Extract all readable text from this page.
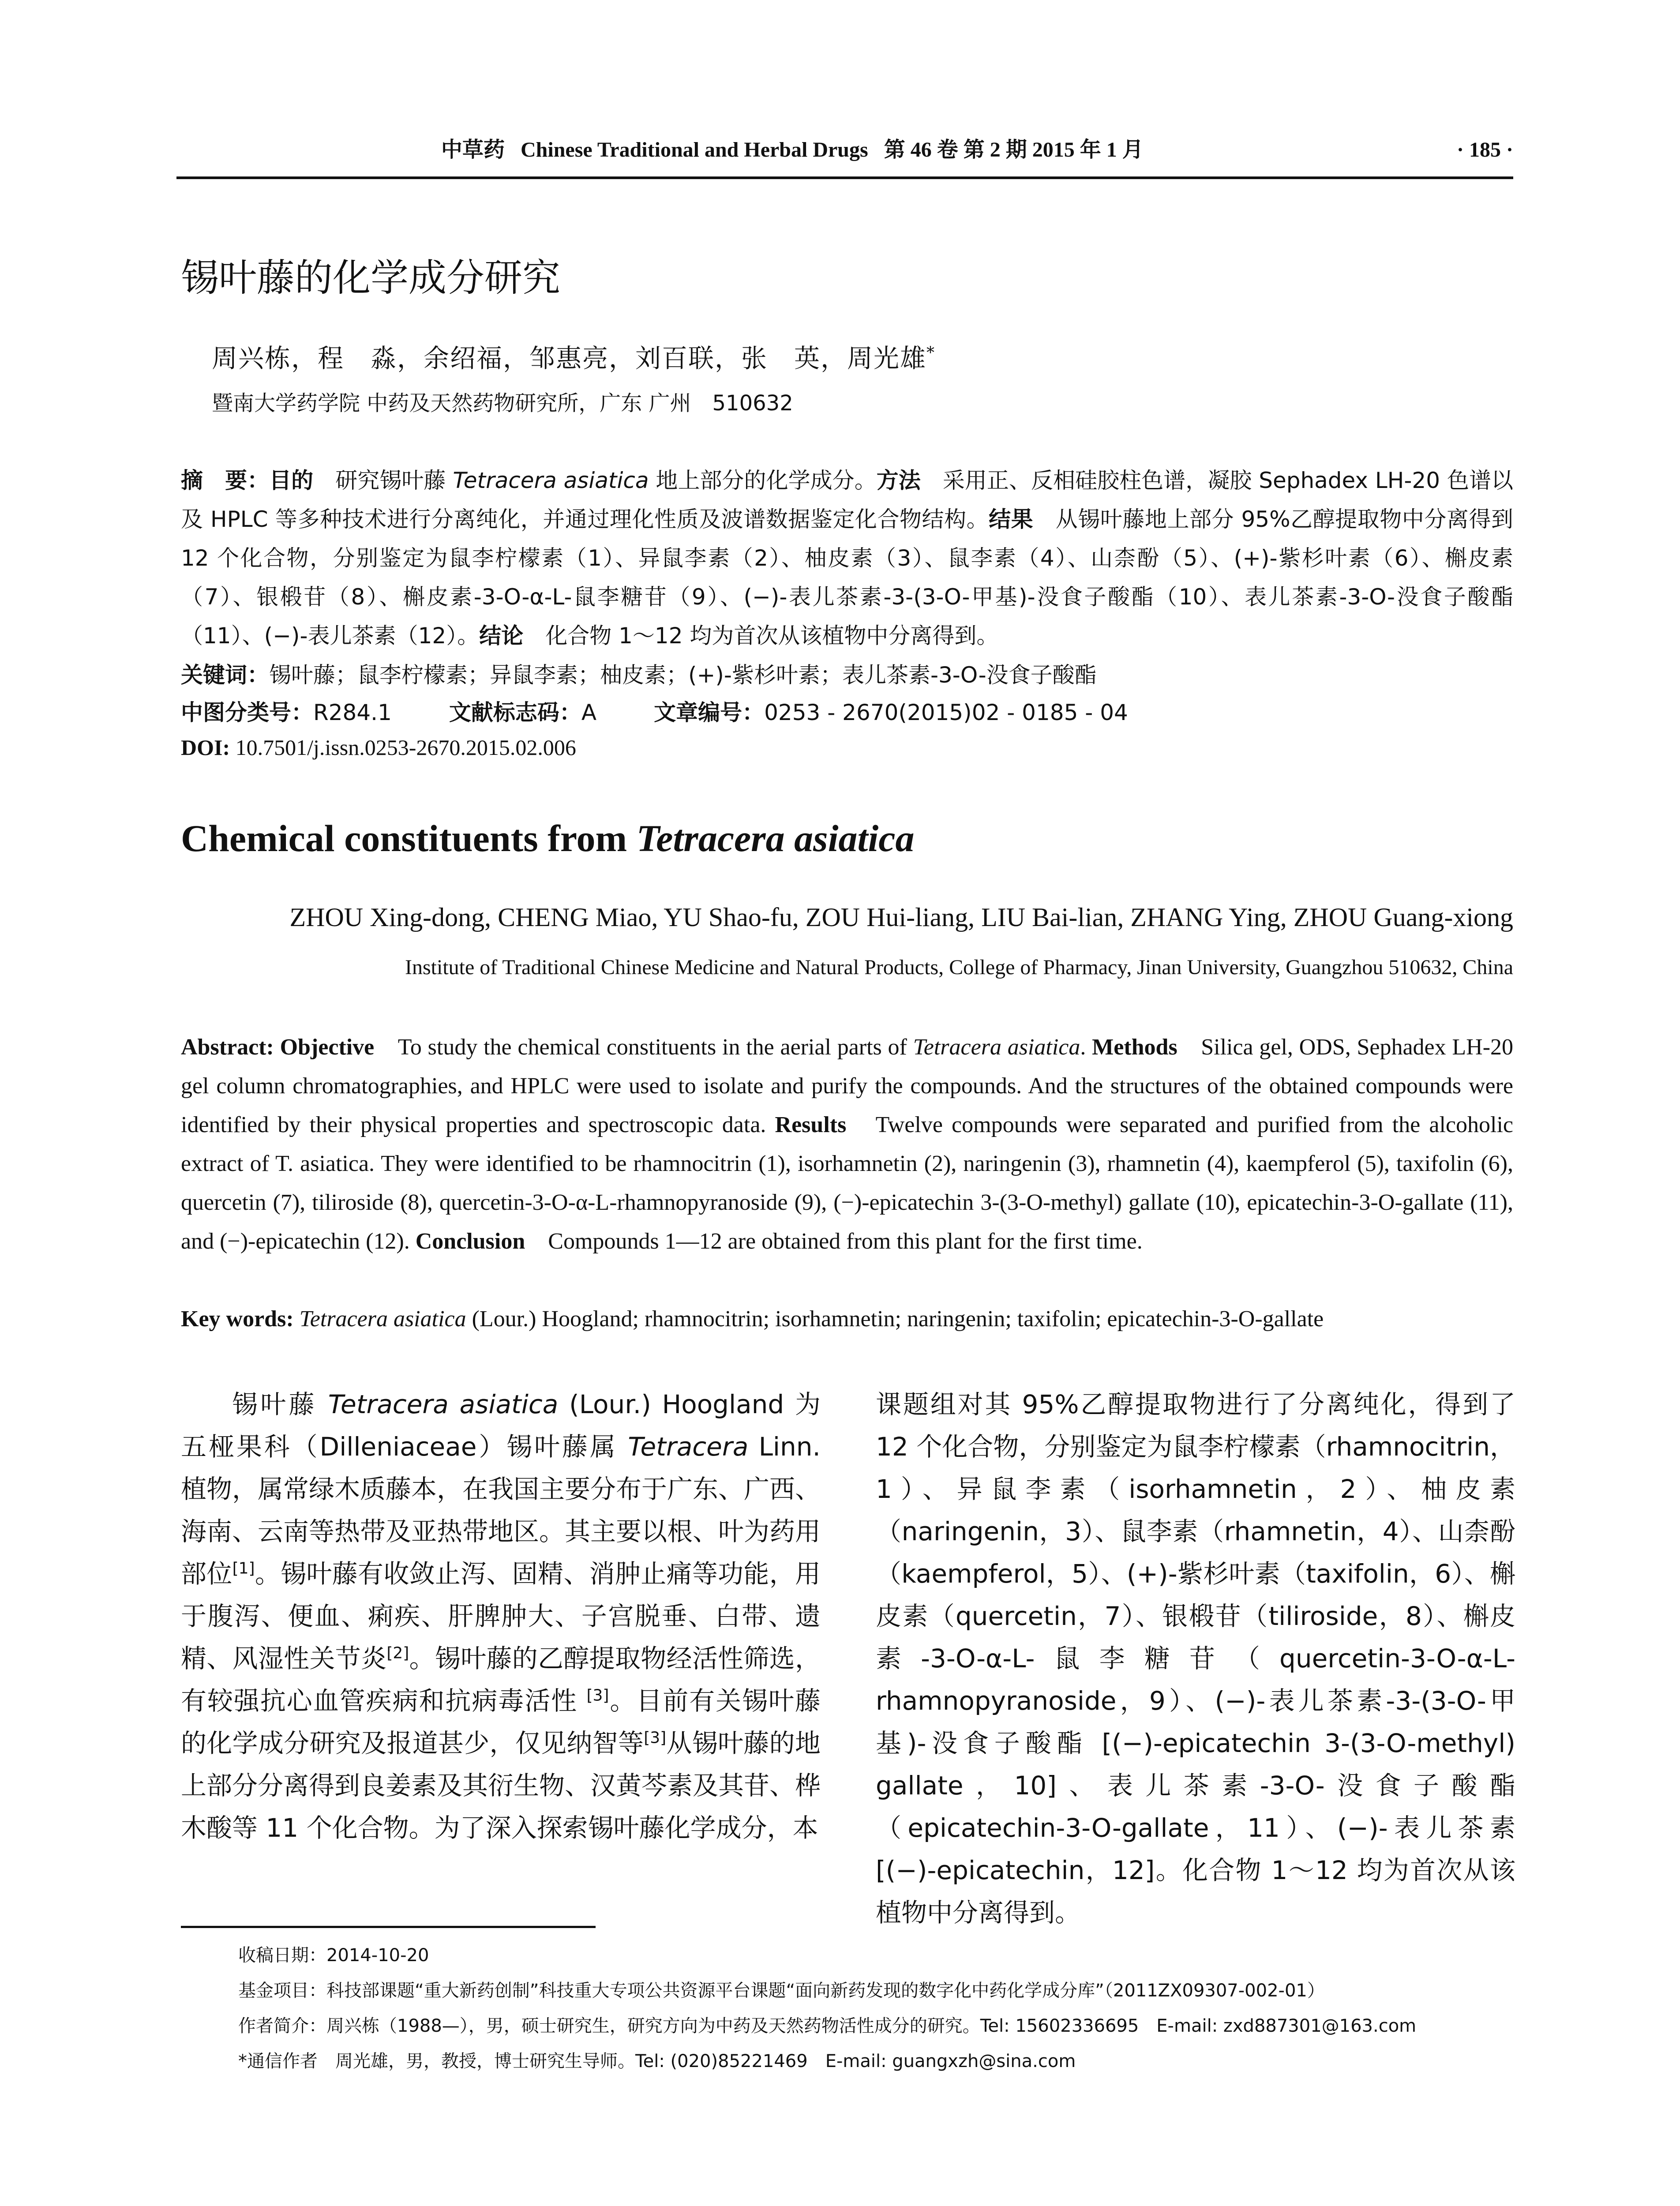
中草药 Chinese Traditional and Herbal Drugs 第 46 卷 第 2 期 2015 年 1 月	· 185 ·
锡叶藤的化学成分研究
周兴栋，程　淼，余绍福，邹惠亮，刘百联，张　英，周光雄*
暨南大学药学院 中药及天然药物研究所，广东 广州　510632
摘　要：目的　研究锡叶藤 Tetracera asiatica 地上部分的化学成分。方法　采用正、反相硅胶柱色谱，凝胶 Sephadex LH-20 色谱以及 HPLC 等多种技术进行分离纯化，并通过理化性质及波谱数据鉴定化合物结构。结果　从锡叶藤地上部分 95%乙醇提取物中分离得到 12 个化合物，分别鉴定为鼠李柠檬素（1）、异鼠李素（2）、柚皮素（3）、鼠李素（4）、山柰酚（5）、(+)-紫杉叶素（6）、槲皮素（7）、银椴苷（8）、槲皮素-3-O-α-L-鼠李糖苷（9）、(−)-表儿茶素-3-(3-O-甲基)-没食子酸酯（10）、表儿茶素-3-O-没食子酸酯（11）、(−)-表儿茶素（12）。结论　化合物 1～12 均为首次从该植物中分离得到。
关键词：锡叶藤；鼠李柠檬素；异鼠李素；柚皮素；(+)-紫杉叶素；表儿茶素-3-O-没食子酸酯
中图分类号：R284.1	文献标志码：A	文章编号：0253 - 2670(2015)02 - 0185 - 04
DOI: 10.7501/j.issn.0253-2670.2015.02.006
Chemical constituents from Tetracera asiatica
ZHOU Xing-dong, CHENG Miao, YU Shao-fu, ZOU Hui-liang, LIU Bai-lian, ZHANG Ying, ZHOU Guang-xiong
Institute of Traditional Chinese Medicine and Natural Products, College of Pharmacy, Jinan University, Guangzhou 510632, China
Abstract: Objective　To study the chemical constituents in the aerial parts of Tetracera asiatica. Methods　Silica gel, ODS, Sephadex LH-20 gel column chromatographies, and HPLC were used to isolate and purify the compounds. And the structures of the obtained compounds were identified by their physical properties and spectroscopic data. Results　Twelve compounds were separated and purified from the alcoholic extract of T. asiatica. They were identified to be rhamnocitrin (1), isorhamnetin (2), naringenin (3), rhamnetin (4), kaempferol (5), taxifolin (6), quercetin (7), tiliroside (8), quercetin-3-O-α-L-rhamnopyranoside (9), (−)-epicatechin 3-(3-O-methyl) gallate (10), epicatechin-3-O-gallate (11), and (−)-epicatechin (12). Conclusion　Compounds 1—12 are obtained from this plant for the first time.
Key words: Tetracera asiatica (Lour.) Hoogland; rhamnocitrin; isorhamnetin; naringenin; taxifolin; epicatechin-3-O-gallate
锡叶藤 Tetracera asiatica (Lour.) Hoogland 为五桠果科（Dilleniaceae）锡叶藤属 Tetracera Linn. 植物，属常绿木质藤本，在我国主要分布于广东、广西、海南、云南等热带及亚热带地区。其主要以根、叶为药用部位[1]。锡叶藤有收敛止泻、固精、消肿止痛等功能，用于腹泻、便血、痢疾、肝脾肿大、子宫脱垂、白带、遗精、风湿性关节炎[2]。锡叶藤的乙醇提取物经活性筛选，有较强抗心血管疾病和抗病毒活性 [3]。目前有关锡叶藤的化学成分研究及报道甚少，仅见纳智等[3]从锡叶藤的地上部分分离得到良姜素及其衍生物、汉黄芩素及其苷、桦木酸等 11 个化合物。为了深入探索锡叶藤化学成分，本
课题组对其 95%乙醇提取物进行了分离纯化，得到了 12 个化合物，分别鉴定为鼠李柠檬素（rhamnocitrin，1）、异鼠李素（isorhamnetin，2）、柚皮素（naringenin，3）、鼠李素（rhamnetin，4）、山柰酚（kaempferol，5）、(+)-紫杉叶素（taxifolin，6）、槲皮素（quercetin，7）、银椴苷（tiliroside，8）、槲皮素-3-O-α-L-鼠李糖苷（quercetin-3-O-α-L-rhamnopyranoside，9）、(−)-表儿茶素-3-(3-O-甲基)-没食子酸酯 [(−)-epicatechin 3-(3-O-methyl) gallate，10]、表儿茶素-3-O-没食子酸酯（epicatechin-3-O-gallate，11）、(−)-表儿茶素 [(−)-epicatechin，12]。化合物 1～12 均为首次从该植物中分离得到。
收稿日期：2014-10-20
基金项目：科技部课题“重大新药创制”科技重大专项公共资源平台课题“面向新药发现的数字化中药化学成分库”（2011ZX09307-002-01）
作者简介：周兴栋（1988—），男，硕士研究生，研究方向为中药及天然药物活性成分的研究。Tel: 15602336695　E-mail: zxd887301@163.com
*通信作者　周光雄，男，教授，博士研究生导师。Tel: (020)85221469　E-mail: guangxzh@sina.com
